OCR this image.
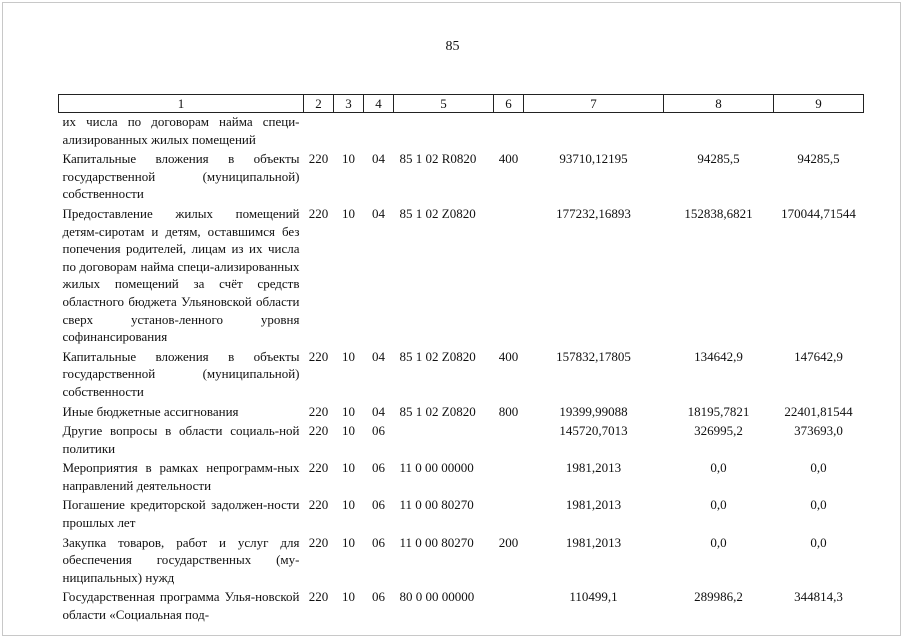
85
1	2	3	4	5	6	7	8	9
их числа по договорам найма специ-ализированных жилых помещений								
Капитальные вложения в объекты государственной (муниципальной) собственности	220	10	04	85 1 02 R0820	400	93710,12195	94285,5	94285,5
Предоставление жилых помещений детям-сиротам и детям, оставшимся без попечения родителей, лицам из их числа по договорам найма специ-ализированных жилых помещений за счёт средств областного бюджета Ульяновской области сверх установ-ленного уровня софинансирования	220	10	04	85 1 02 Z0820		177232,16893	152838,6821	170044,71544
Капитальные вложения в объекты государственной (муниципальной) собственности	220	10	04	85 1 02 Z0820	400	157832,17805	134642,9	147642,9
Иные бюджетные ассигнования	220	10	04	85 1 02 Z0820	800	19399,99088	18195,7821	22401,81544
Другие вопросы в области социаль-ной политики	220	10	06			145720,7013	326995,2	373693,0
Мероприятия в рамках непрограмм-ных направлений деятельности	220	10	06	11 0 00 00000		1981,2013	0,0	0,0
Погашение кредиторской задолжен-ности прошлых лет	220	10	06	11 0 00 80270		1981,2013	0,0	0,0
Закупка товаров, работ и услуг для обеспечения государственных (му-ниципальных) нужд	220	10	06	11 0 00 80270	200	1981,2013	0,0	0,0
Государственная программа Улья-новской области «Социальная под-	220	10	06	80 0 00 00000		110499,1	289986,2	344814,3
